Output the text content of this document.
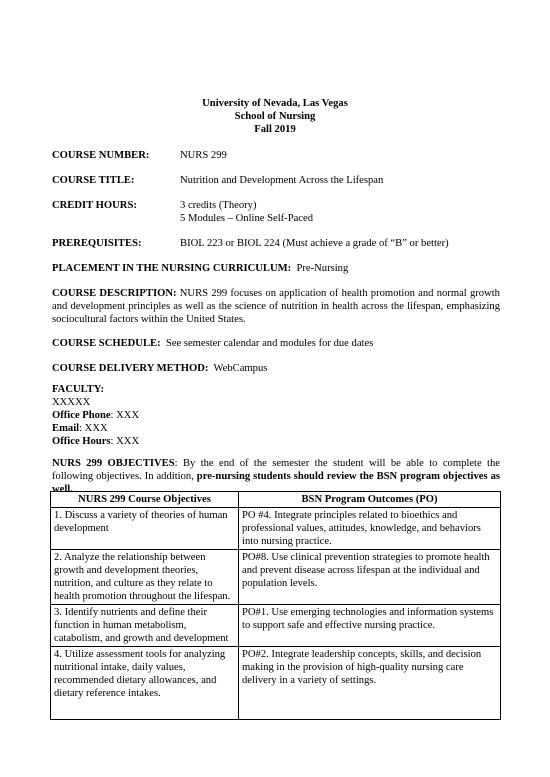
University of Nevada, Las Vegas
School of Nursing
Fall 2019
COURSE NUMBER:	NURS 299
COURSE TITLE:	Nutrition and Development Across the Lifespan
CREDIT HOURS:	3 credits (Theory)
5 Modules – Online Self-Paced
PREREQUISITES:	BIOL 223 or BIOL 224 (Must achieve a grade of “B” or better)
PLACEMENT IN THE NURSING CURRICULUM: Pre-Nursing
COURSE DESCRIPTION: NURS 299 focuses on application of health promotion and normal growth and development principles as well as the science of nutrition in health across the lifespan, emphasizing sociocultural factors within the United States.
COURSE SCHEDULE: See semester calendar and modules for due dates
COURSE DELIVERY METHOD: WebCampus
FACULTY:
XXXXX
Office Phone: XXX
Email: XXX
Office Hours: XXX
NURS 299 OBJECTIVES: By the end of the semester the student will be able to complete the following objectives. In addition, pre-nursing students should review the BSN program objectives as well.
NURS 299 Course Objectives	BSN Program Outcomes (PO)
1. Discuss a variety of theories of human development	PO #4. Integrate principles related to bioethics and professional values, attitudes, knowledge, and behaviors into nursing practice.
2. Analyze the relationship between growth and development theories, nutrition, and culture as they relate to health promotion throughout the lifespan.	PO#8. Use clinical prevention strategies to promote health and prevent disease across lifespan at the individual and population levels.
3. Identify nutrients and define their function in human metabolism, catabolism, and growth and development	PO#1. Use emerging technologies and information systems to support safe and effective nursing practice.
4. Utilize assessment tools for analyzing nutritional intake, daily values, recommended dietary allowances, and dietary reference intakes.	PO#2. Integrate leadership concepts, skills, and decision making in the provision of high-quality nursing care delivery in a variety of settings.
